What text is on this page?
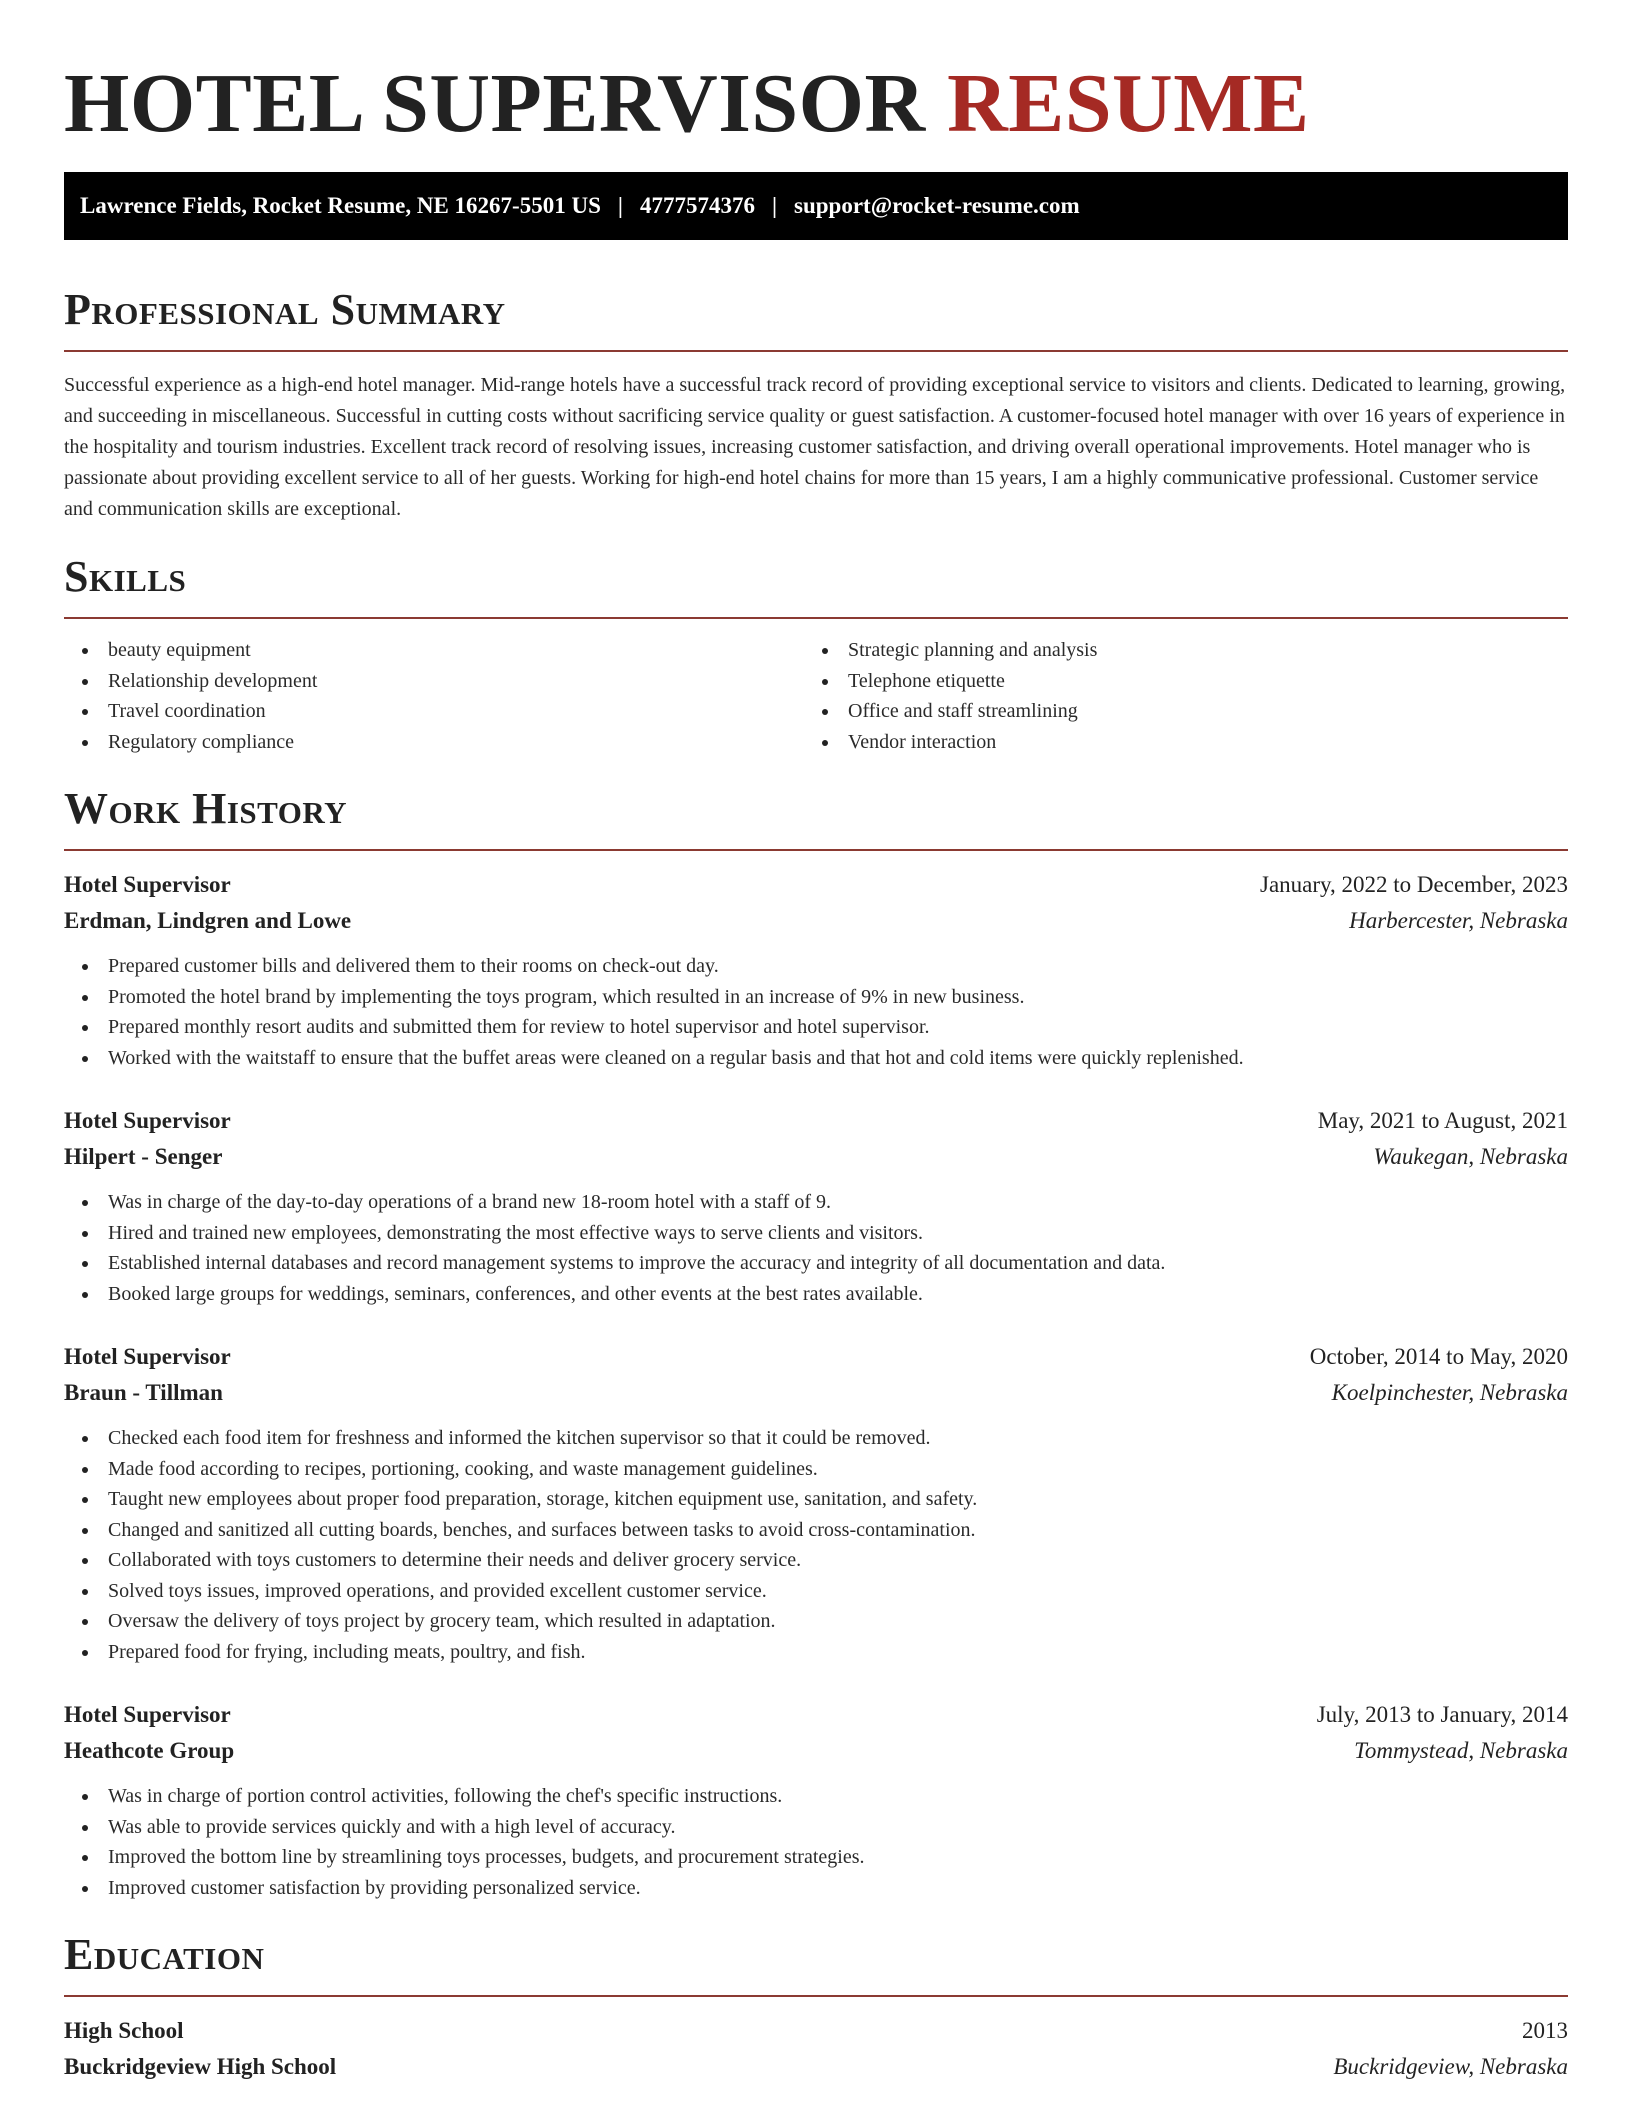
HOTEL SUPERVISOR RESUME
Lawrence Fields, Rocket Resume, NE 16267-5501 US | 4777574376 | support@rocket-resume.com
Professional Summary

Successful experience as a high-end hotel manager. Mid-range hotels have a successful track record of providing exceptional service to visitors and clients. Dedicated to learning, growing, and succeeding in miscellaneous. Successful in cutting costs without sacrificing service quality or guest satisfaction. A customer-focused hotel manager with over 16 years of experience in the hospitality and tourism industries. Excellent track record of resolving issues, increasing customer satisfaction, and driving overall operational improvements. Hotel manager who is passionate about providing excellent service to all of her guests. Working for high-end hotel chains for more than 15 years, I am a highly communicative professional. Customer service and communication skills are exceptional.

Skills
beauty equipment
Relationship development
Travel coordination
Regulatory compliance
Strategic planning and analysis
Telephone etiquette
Office and staff streamlining
Vendor interaction
Work History
Hotel Supervisor	January, 2022 to December, 2023
Erdman, Lindgren and Lowe	Harbercester, Nebraska
Prepared customer bills and delivered them to their rooms on check-out day.
Promoted the hotel brand by implementing the toys program, which resulted in an increase of 9% in new business.
Prepared monthly resort audits and submitted them for review to hotel supervisor and hotel supervisor.
Worked with the waitstaff to ensure that the buffet areas were cleaned on a regular basis and that hot and cold items were quickly replenished.
Hotel Supervisor	May, 2021 to August, 2021
Hilpert - Senger	Waukegan, Nebraska
Was in charge of the day-to-day operations of a brand new 18-room hotel with a staff of 9.
Hired and trained new employees, demonstrating the most effective ways to serve clients and visitors.
Established internal databases and record management systems to improve the accuracy and integrity of all documentation and data.
Booked large groups for weddings, seminars, conferences, and other events at the best rates available.
Hotel Supervisor	October, 2014 to May, 2020
Braun - Tillman	Koelpinchester, Nebraska
Checked each food item for freshness and informed the kitchen supervisor so that it could be removed.
Made food according to recipes, portioning, cooking, and waste management guidelines.
Taught new employees about proper food preparation, storage, kitchen equipment use, sanitation, and safety.
Changed and sanitized all cutting boards, benches, and surfaces between tasks to avoid cross-contamination.
Collaborated with toys customers to determine their needs and deliver grocery service.
Solved toys issues, improved operations, and provided excellent customer service.
Oversaw the delivery of toys project by grocery team, which resulted in adaptation.
Prepared food for frying, including meats, poultry, and fish.
Hotel Supervisor	July, 2013 to January, 2014
Heathcote Group	Tommystead, Nebraska
Was in charge of portion control activities, following the chef's specific instructions.
Was able to provide services quickly and with a high level of accuracy.
Improved the bottom line by streamlining toys processes, budgets, and procurement strategies.
Improved customer satisfaction by providing personalized service.
Education
High School	2013
Buckridgeview High School	Buckridgeview, Nebraska
